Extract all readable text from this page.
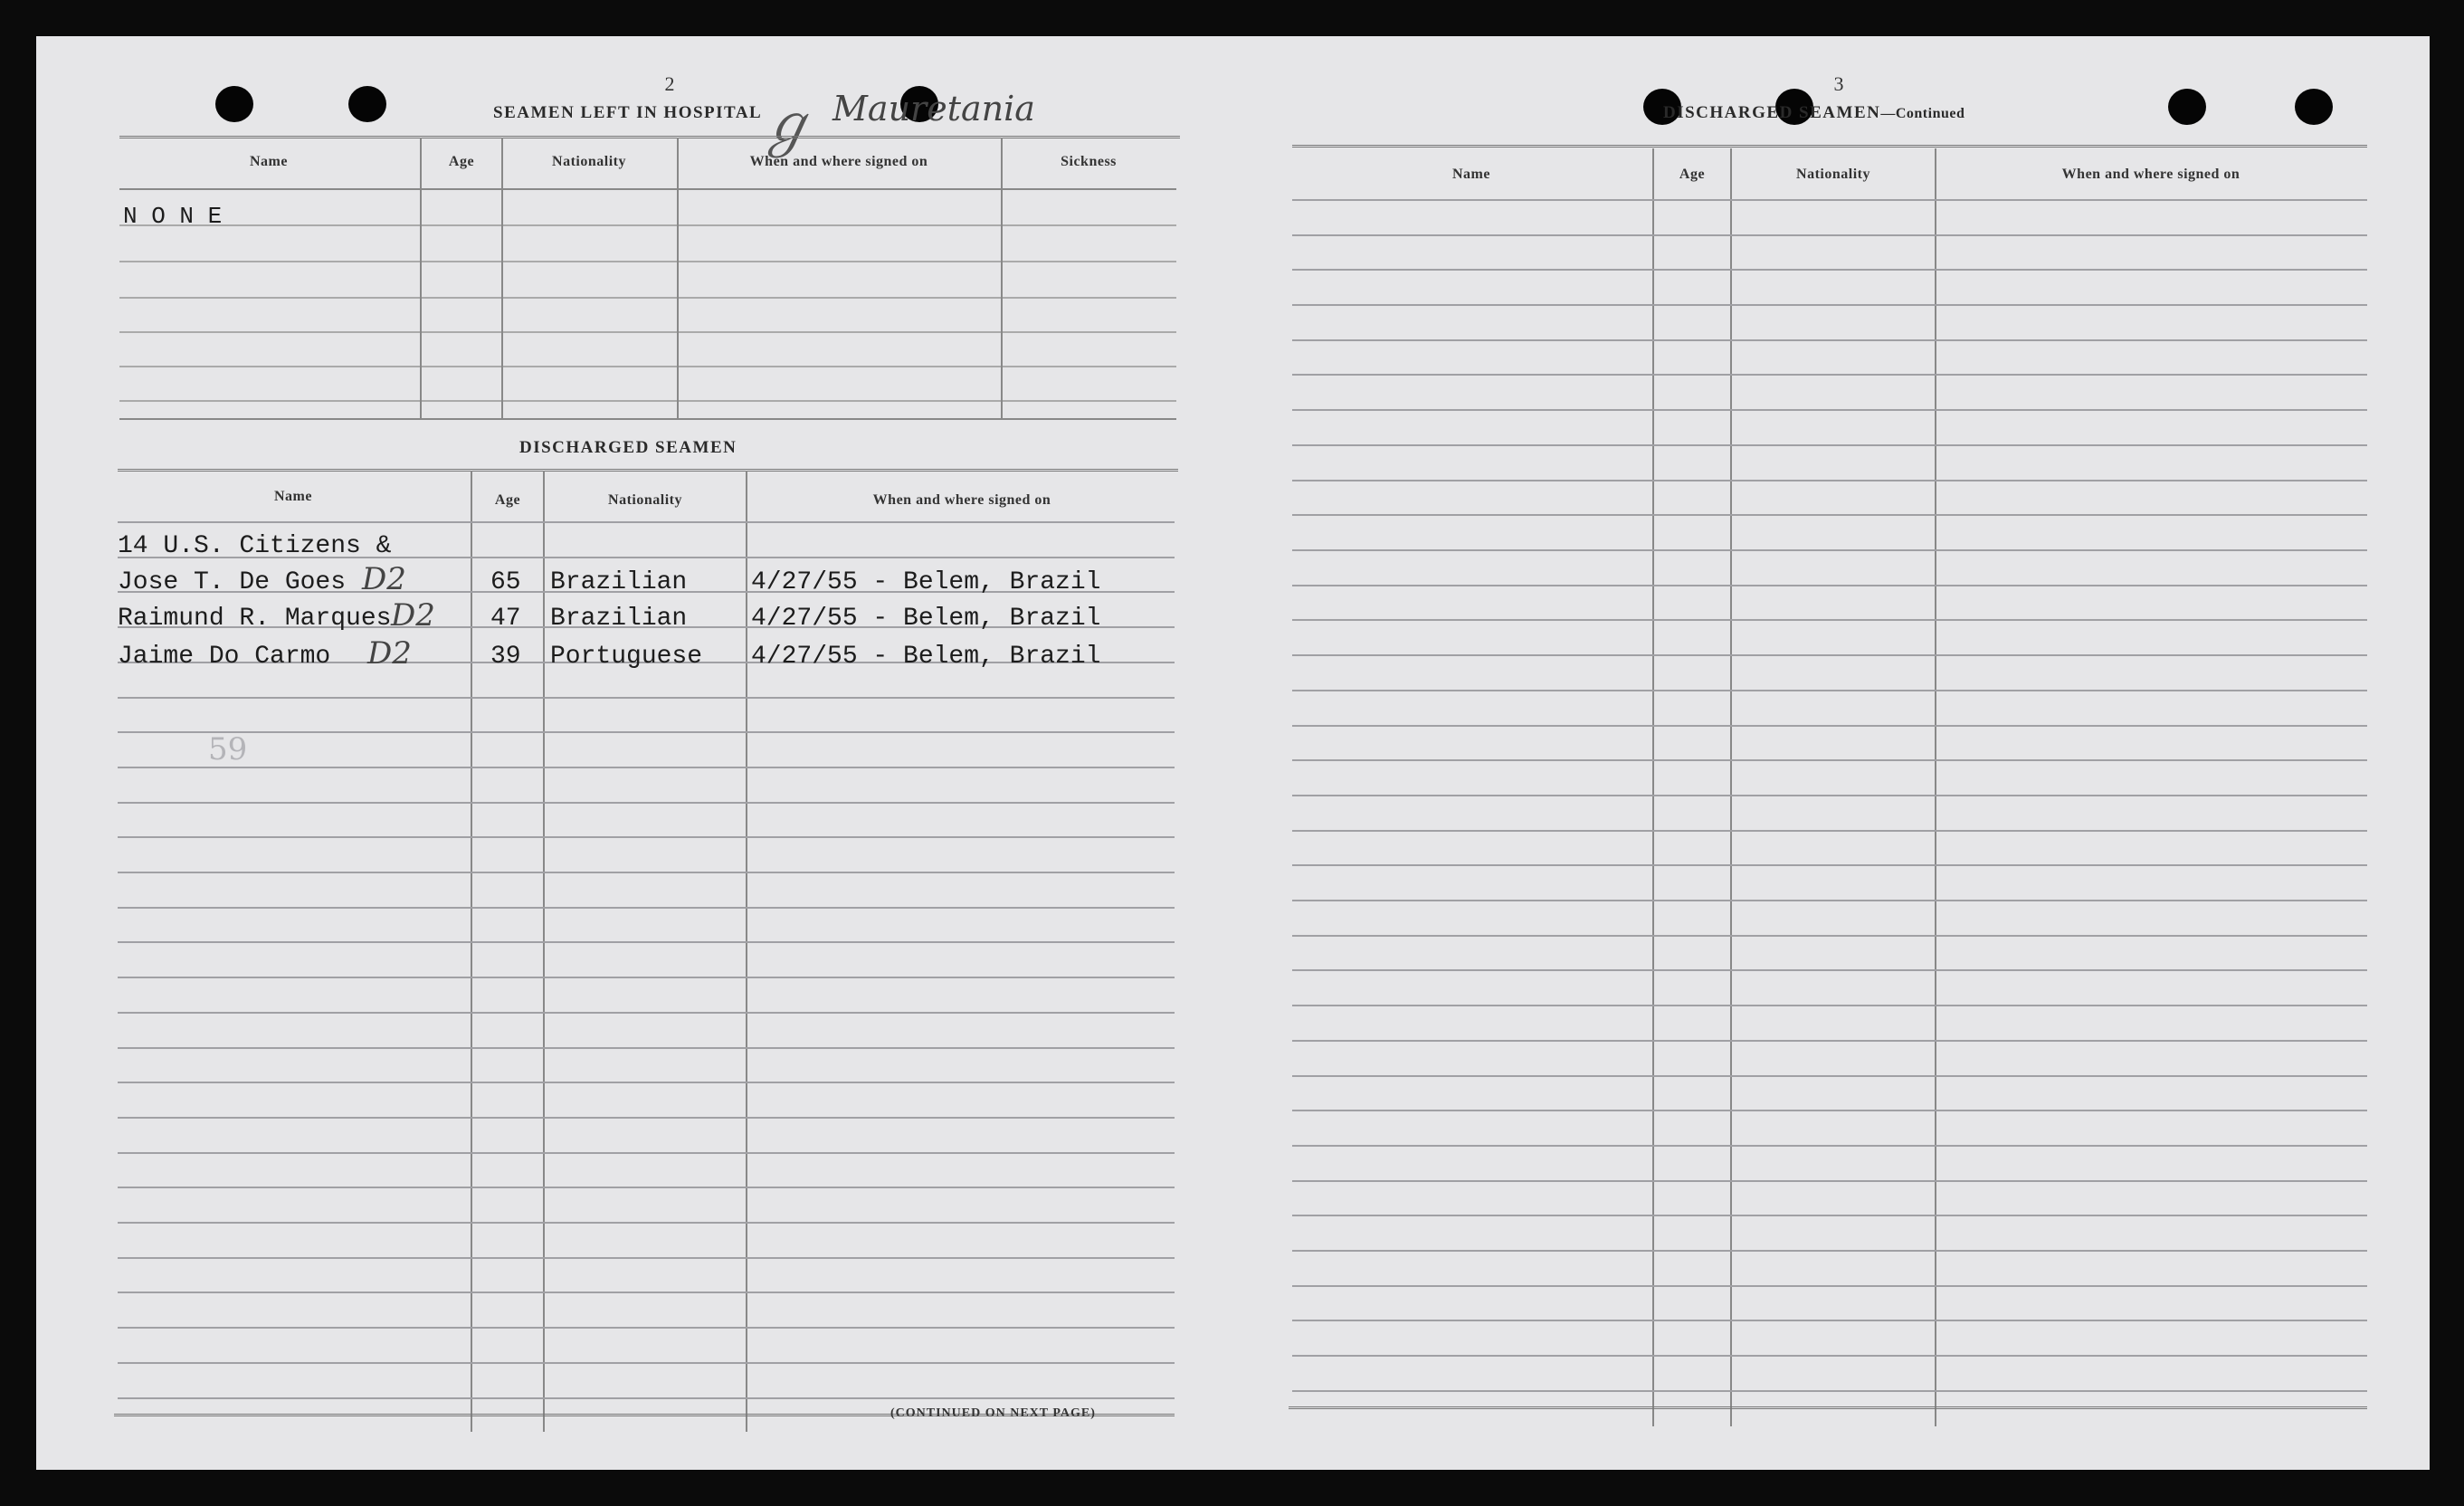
2
SEAMEN LEFT IN HOSPITAL Mauretania
ℊ
Name	Age	Nationality	When and where signed on	Sickness
N O N E
DISCHARGED SEAMEN
Name	Age	Nationality	When and where signed on
14 U.S. Citizens &
Jose T. De Goes D2	65 Brazilian	4/27/55 - Belem, Brazil
Raimund R. Marques D2 47 Brazilian	4/27/55 - Belem, Brazil
Jaime Do Carmo D2	39 Portuguese 4/27/55 - Belem, Brazil
59
(CONTINUED ON NEXT PAGE)
3
DISCHARGED SEAMEN—Continued
Name	Age	Nationality	When and where signed on
